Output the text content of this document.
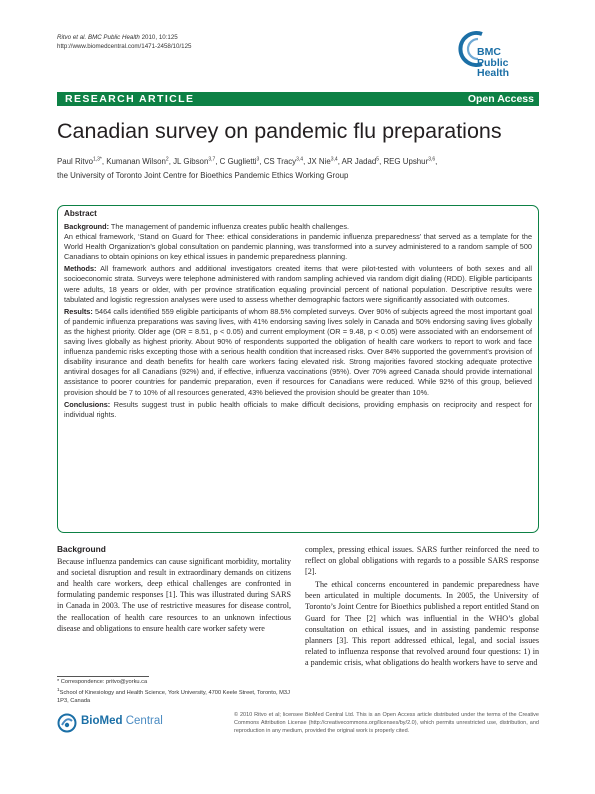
Ritvo et al. BMC Public Health 2010, 10:125
http://www.biomedcentral.com/1471-2458/10/125	BMC
Public Health
RESEARCH ARTICLE	Open Access
Canadian survey on pandemic flu preparations
Paul Ritvo$^{1,3*}$, Kumanan Wilson$^2$, JL Gibson$^{3,7}$, C Guglietti$^3$, CS Tracy$^{3,4}$, JX Nie$^{3,4}$, AR Jadad$^5$, REG Upshur$^{3,6}$,
the University of Toronto Joint Centre for Bioethics Pandemic Ethics Working Group
Abstract

Background: The management of pandemic influenza creates public health challenges.
An ethical framework, ‘Stand on Guard for Thee: ethical considerations in pandemic influenza preparedness’ that served as a template for the World Health Organization’s global consultation on pandemic planning, was transformed into a survey administered to a random sample of 500 Canadians to obtain opinions on key ethical issues in pandemic preparedness planning.

Methods: All framework authors and additional investigators created items that were pilot-tested with volunteers of both sexes and all socioeconomic strata. Surveys were telephone administered with random sampling achieved via random digit dialing (RDD). Eligible participants were adults, 18 years or older, with per province stratification equaling provincial percent of national population. Descriptive results were tabulated and logistic regression analyses were used to assess whether demographic factors were significantly associated with outcomes.

Results: 5464 calls identified 559 eligible participants of whom 88.5% completed surveys. Over 90% of subjects agreed the most important goal of pandemic influenza preparations was saving lives, with 41% endorsing saving lives solely in Canada and 50% endorsing saving lives globally as the highest priority. Older age (OR = 8.51, p < 0.05) and current employment (OR = 9.48, p < 0.05) were associated with an endorsement of saving lives globally as highest priority. About 90% of respondents supported the obligation of health care workers to report to work and face influenza pandemic risks excepting those with a serious health condition that increased risks. Over 84% supported the government’s provision of disability insurance and death benefits for health care workers facing elevated risk. Strong majorities favored stocking adequate protective antiviral dosages for all Canadians (92%) and, if effective, influenza vaccinations (95%). Over 70% agreed Canada should provide international assistance to poorer countries for pandemic preparation, even if resources for Canadians were reduced. While 92% of this group, believed provision should be 7 to 10% of all resources generated, 43% believed the provision should be greater than 10%.

Conclusions: Results suggest trust in public health officials to make difficult decisions, providing emphasis on reciprocity and respect for individual rights.

Background

Because influenza pandemics can cause significant morbidity, mortality and societal disruption and result in extraordinary demands on citizens and health care workers, deep ethical challenges are confronted in formulating pandemic responses [1]. This was illustrated during SARS in Canada in 2003. The use of restrictive measures for disease control, the reallocation of health care resources to an unknown infectious disease and obligations to ensure health care worker safety were

complex, pressing ethical issues. SARS further reinforced the need to reflect on global obligations with regards to a possible SARS response [2].

The ethical concerns encountered in pandemic preparedness have been articulated in multiple documents. In 2005, the University of Toronto’s Joint Centre for Bioethics published a report entitled Stand on Guard for Thee [2] which was influential in the WHO’s global consultation on ethical issues, and in assisting pandemic response planners [3]. This report addressed ethical, legal, and social issues related to influenza response that revolved around four questions: 1) in a pandemic crisis, what obligations do health workers have to serve and

* Correspondence: pritvo@yorku.ca
$^1$School of Kinesiology and Health Science, York University, 4700 Keele Street, Toronto, M3J 1P3, Canada
BioMed Central	© 2010 Ritvo et al; licensee BioMed Central Ltd. This is an Open Access article distributed under the terms of the Creative Commons Attribution License (http://creativecommons.org/licenses/by/2.0), which permits unrestricted use, distribution, and reproduction in any medium, provided the original work is properly cited.
